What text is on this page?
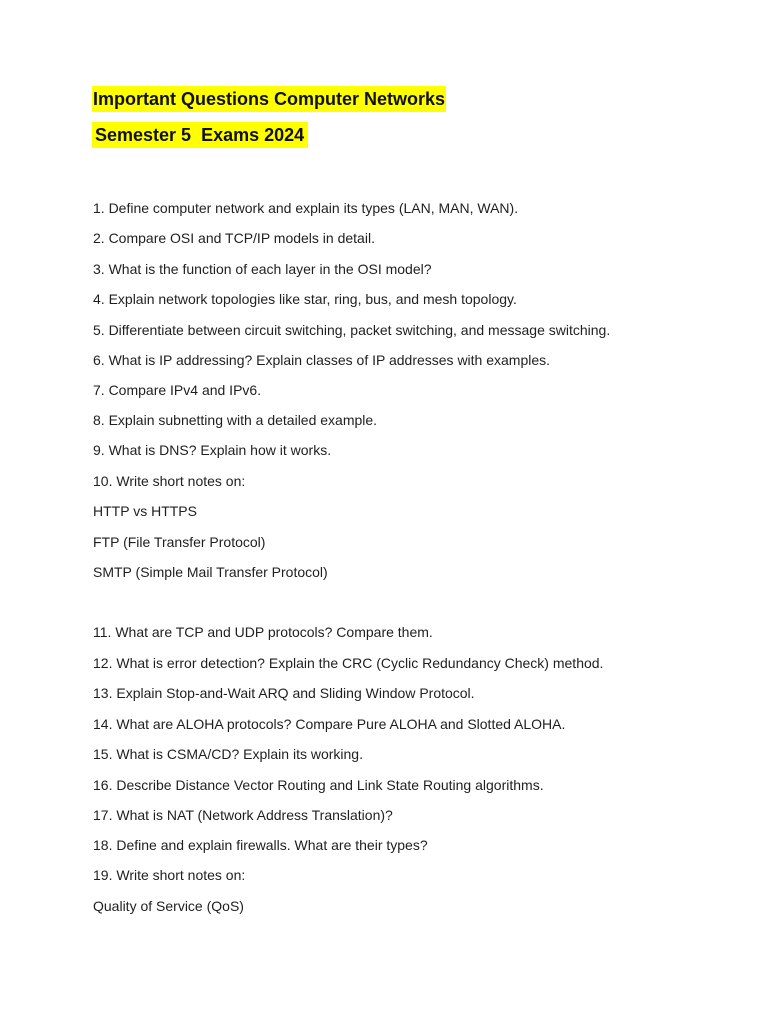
Important Questions Computer Networks
Semester 5  Exams 2024
1. Define computer network and explain its types (LAN, MAN, WAN).
2. Compare OSI and TCP/IP models in detail.
3. What is the function of each layer in the OSI model?
4. Explain network topologies like star, ring, bus, and mesh topology.
5. Differentiate between circuit switching, packet switching, and message switching.
6. What is IP addressing? Explain classes of IP addresses with examples.
7. Compare IPv4 and IPv6.
8. Explain subnetting with a detailed example.
9. What is DNS? Explain how it works.
10. Write short notes on:
HTTP vs HTTPS
FTP (File Transfer Protocol)
SMTP (Simple Mail Transfer Protocol)
11. What are TCP and UDP protocols? Compare them.
12. What is error detection? Explain the CRC (Cyclic Redundancy Check) method.
13. Explain Stop-and-Wait ARQ and Sliding Window Protocol.
14. What are ALOHA protocols? Compare Pure ALOHA and Slotted ALOHA.
15. What is CSMA/CD? Explain its working.
16. Describe Distance Vector Routing and Link State Routing algorithms.
17. What is NAT (Network Address Translation)?
18. Define and explain firewalls. What are their types?
19. Write short notes on:
Quality of Service (QoS)
